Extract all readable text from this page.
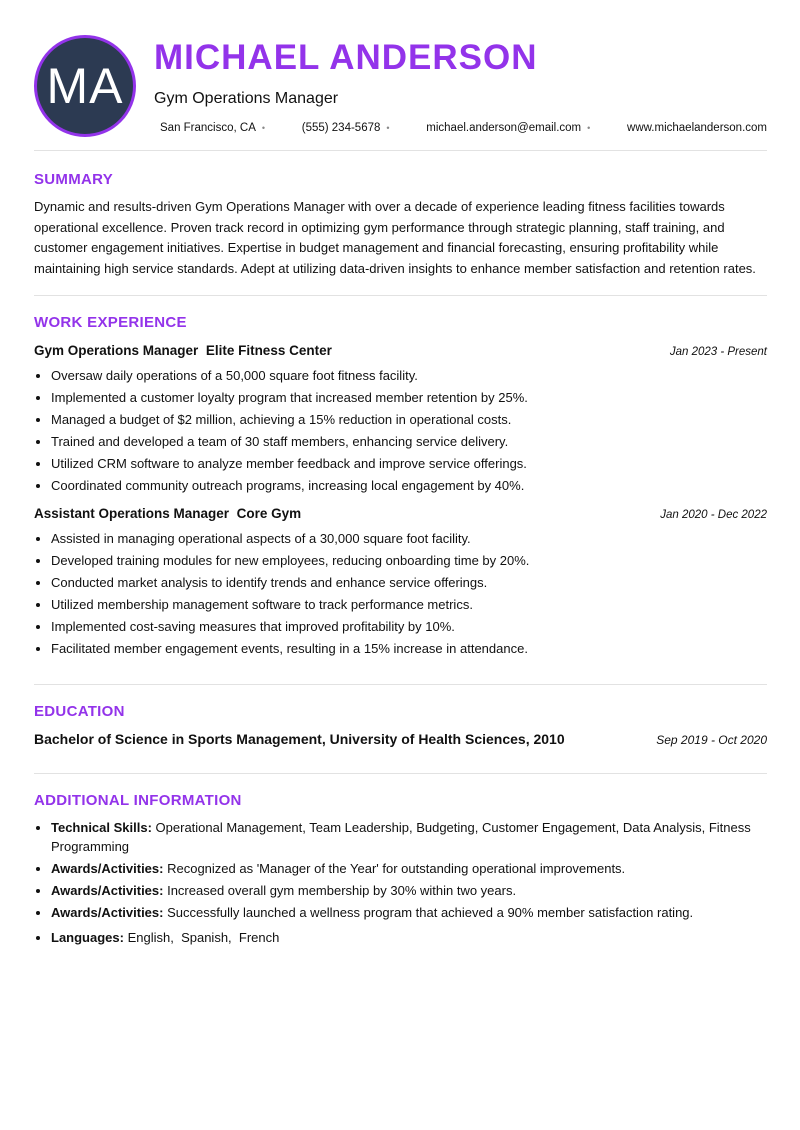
MA
MICHAEL ANDERSON
Gym Operations Manager
San Francisco, CA •	(555) 234-5678 •	michael.anderson@email.com •	www.michaelanderson.com
SUMMARY

Dynamic and results-driven Gym Operations Manager with over a decade of experience leading fitness facilities towards operational excellence. Proven track record in optimizing gym performance through strategic planning, staff training, and customer engagement initiatives. Expertise in budget management and financial forecasting, ensuring profitability while maintaining high service standards. Adept at utilizing data-driven insights to enhance member satisfaction and retention rates.

WORK EXPERIENCE
Gym Operations Manager Elite Fitness Center	Jan 2023 - Present
• Oversaw daily operations of a 50,000 square foot fitness facility.
• Implemented a customer loyalty program that increased member retention by 25%.
• Managed a budget of $2 million, achieving a 15% reduction in operational costs.
• Trained and developed a team of 30 staff members, enhancing service delivery.
• Utilized CRM software to analyze member feedback and improve service offerings.
• Coordinated community outreach programs, increasing local engagement by 40%.
Assistant Operations Manager Core Gym	Jan 2020 - Dec 2022
• Assisted in managing operational aspects of a 30,000 square foot facility.
• Developed training modules for new employees, reducing onboarding time by 20%.
• Conducted market analysis to identify trends and enhance service offerings.
• Utilized membership management software to track performance metrics.
• Implemented cost-saving measures that improved profitability by 10%.
• Facilitated member engagement events, resulting in a 15% increase in attendance.
EDUCATION
Bachelor of Science in Sports Management, University of Health Sciences, 2010	Sep 2019 - Oct 2020
ADDITIONAL INFORMATION
• Technical Skills: Operational Management, Team Leadership, Budgeting, Customer Engagement, Data Analysis, Fitness Programming
• Awards/Activities: Recognized as 'Manager of the Year' for outstanding operational improvements.
• Awards/Activities: Increased overall gym membership by 30% within two years.
• Awards/Activities: Successfully launched a wellness program that achieved a 90% member satisfaction rating.
• Languages: English,  Spanish,  French
